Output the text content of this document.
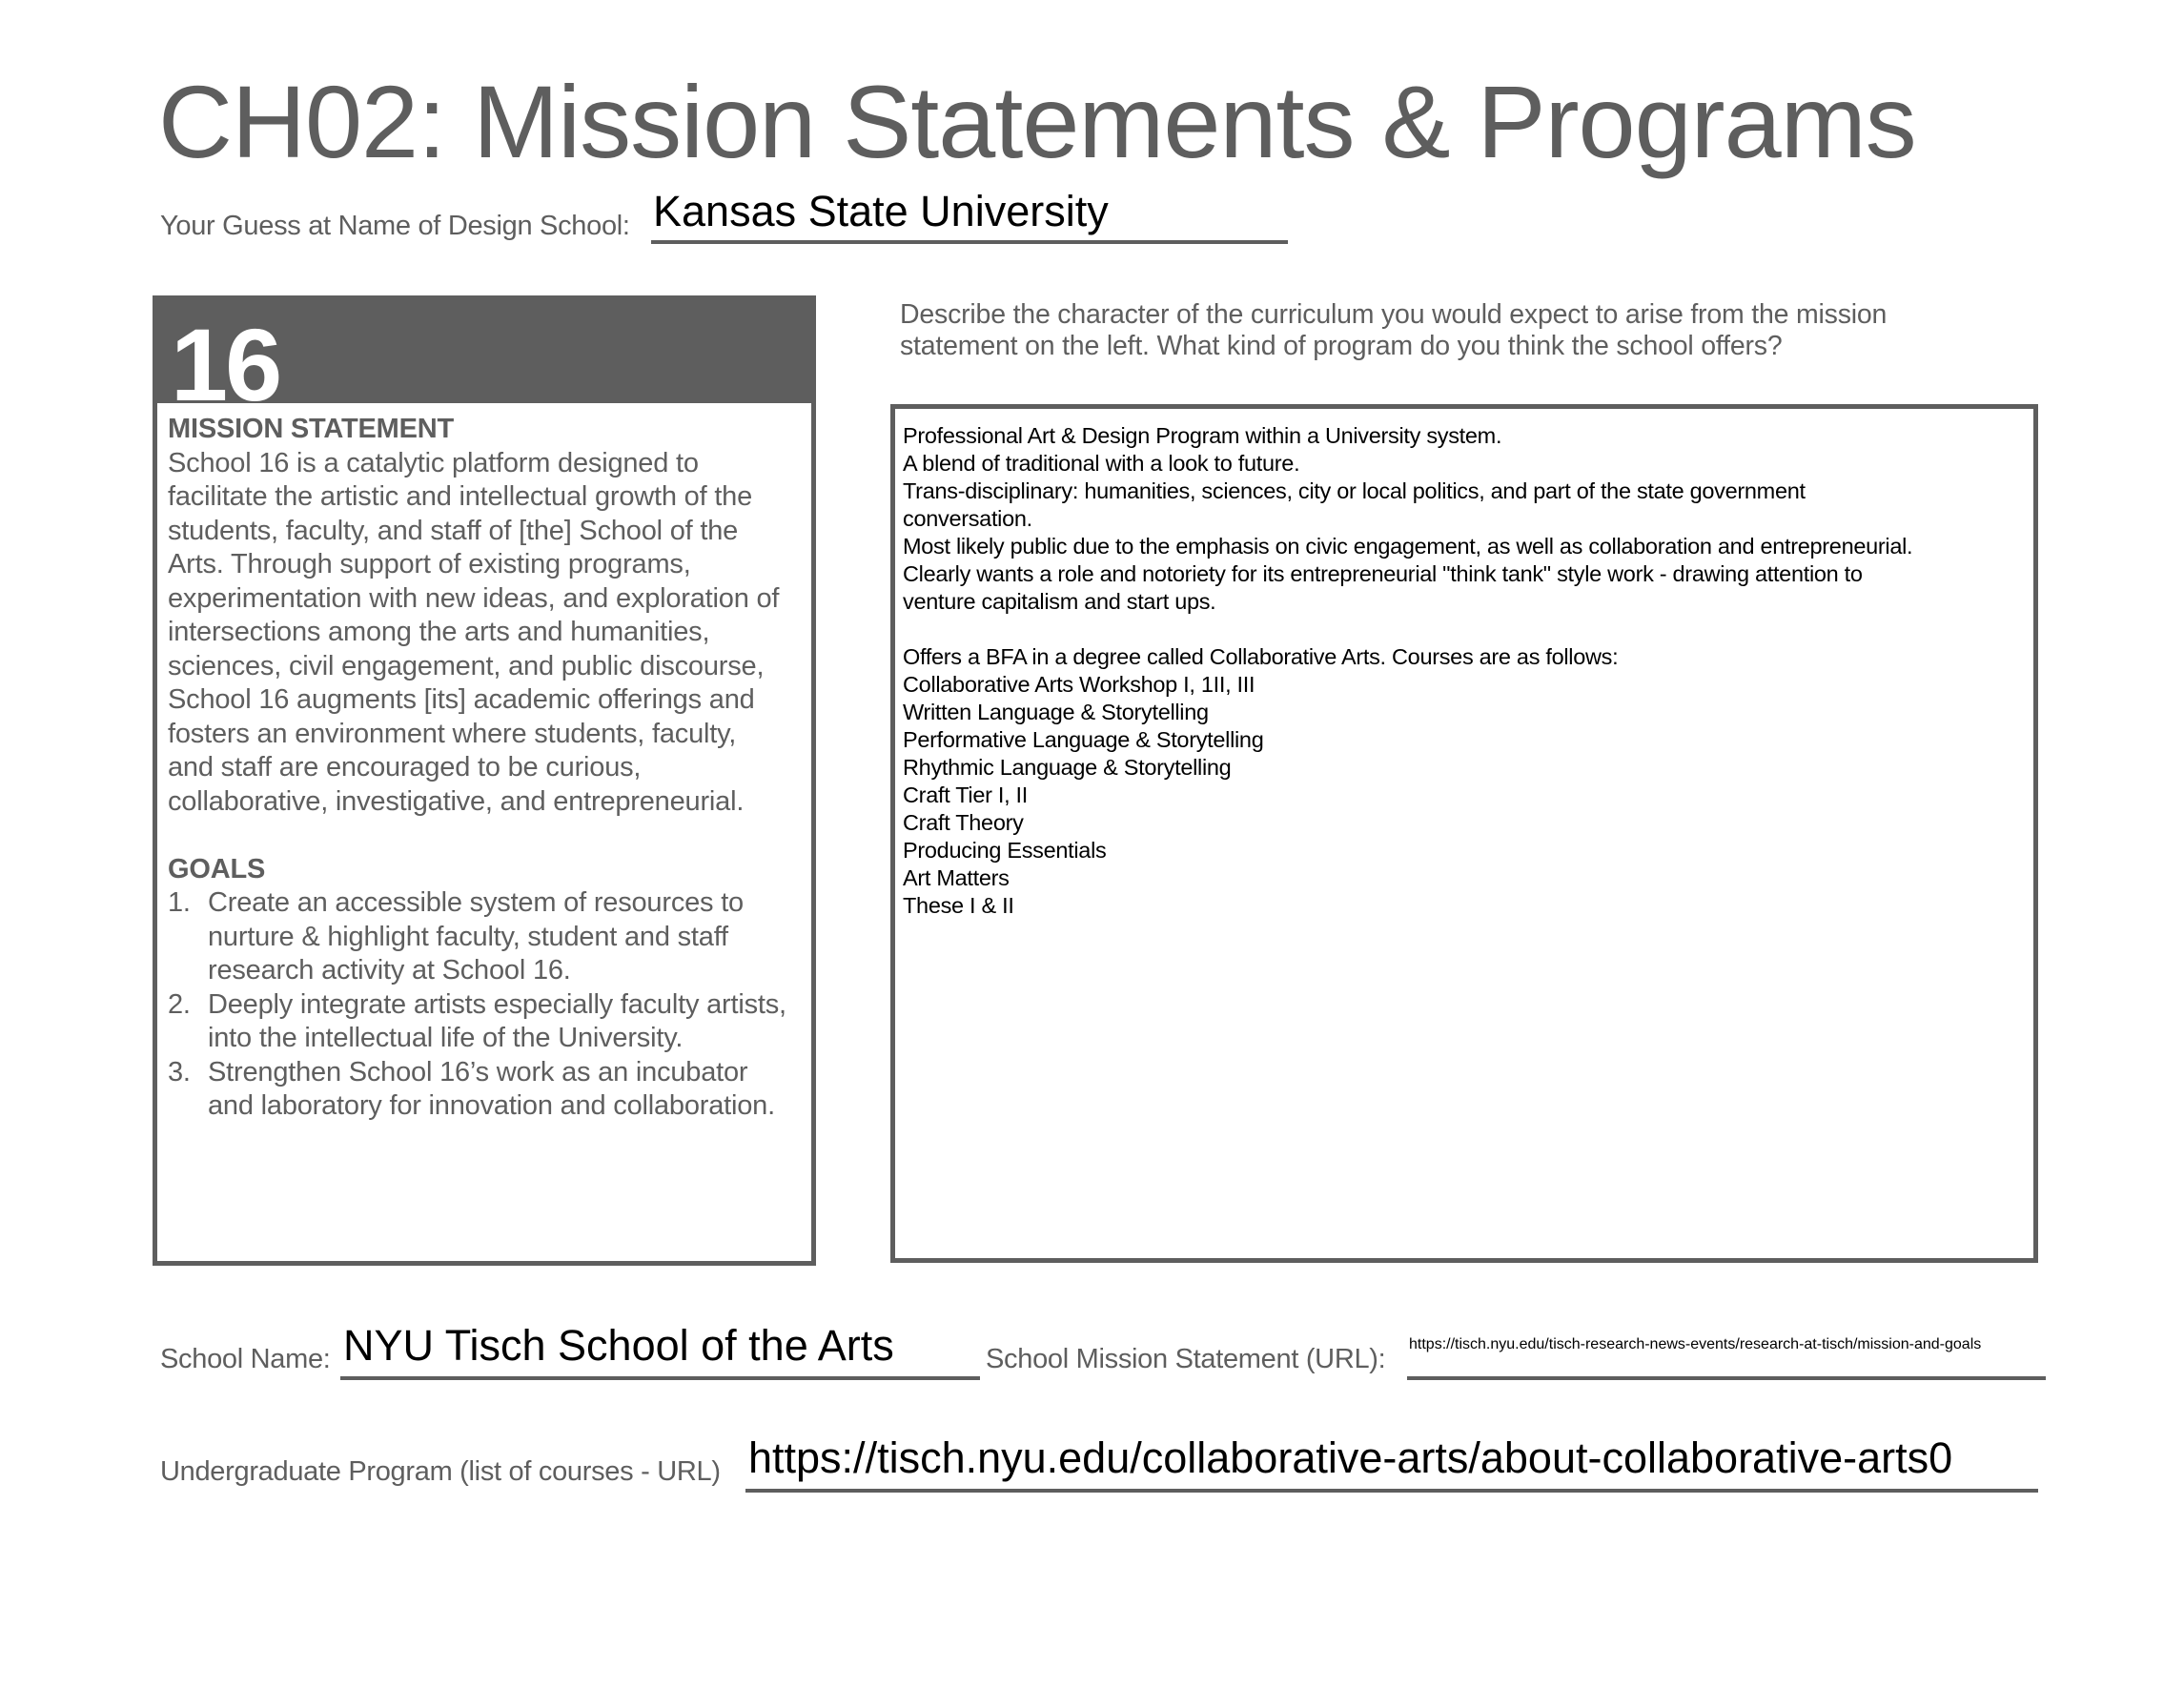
CH02: Mission Statements & Programs
Your Guess at Name of Design School: Kansas State University
16
MISSION STATEMENT

School 16 is a catalytic platform designed to

facilitate the artistic and intellectual growth of the

students, faculty, and staff of [the] School of the

Arts. Through support of existing programs,

experimentation with new ideas, and exploration of

intersections among the arts and humanities,

sciences, civil engagement, and public discourse,

School 16 augments [its] academic offerings and

fosters an environment where students, faculty,

and staff are encouraged to be curious,

collaborative, investigative, and entrepreneurial.

GOALS
1. Create an accessible system of resources to
nurture & highlight faculty, student and staff
research activity at School 16.
2. Deeply integrate artists especially faculty artists,
into the intellectual life of the University.
3. Strengthen School 16’s work as an incubator
and laboratory for innovation and collaboration.
Describe the character of the curriculum you would expect to arise from the mission
statement on the left. What kind of program do you think the school offers?
Professional Art & Design Program within a University system.
A blend of traditional with a look to future.
Trans-disciplinary: humanities, sciences, city or local politics, and part of the state government
conversation.
Most likely public due to the emphasis on civic engagement, as well as collaboration and entrepreneurial.
Clearly wants a role and notoriety for its entrepreneurial "think tank" style work - drawing attention to
venture capitalism and start ups.
Offers a BFA in a degree called Collaborative Arts. Courses are as follows:
Collaborative Arts Workshop I, 1II, III
Written Language & Storytelling
Performative Language & Storytelling
Rhythmic Language & Storytelling
Craft Tier I, II
Craft Theory
Producing Essentials
Art Matters
These I & II
School Name: NYU Tisch School of the Arts	School Mission Statement (URL): https://tisch.nyu.edu/tisch-research-news-events/research-at-tisch/mission-and-goals
Undergraduate Program (list of courses - URL) https://tisch.nyu.edu/collaborative-arts/about-collaborative-arts0
